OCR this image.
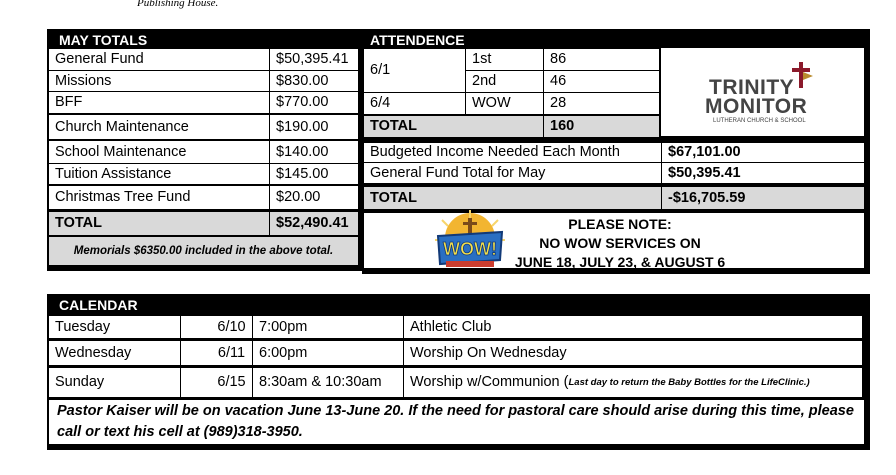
Publishing House.
MAY TOTALS
General Fund	$50,395.41
Missions	$830.00
BFF	$770.00
Church Maintenance	$190.00
School Maintenance	$140.00
Tuition Assistance	$145.00
Christmas Tree Fund	$20.00
TOTAL	$52,490.41
Memorials $6350.00 included in the above total.
ATTENDENCE
6/1
1st	86
2nd	46
6/4	WOW	28
TOTAL	160
TRINITY
MONITOR
LUTHERAN CHURCH & SCHOOL
Budgeted Income Needed Each Month	$67,101.00
General Fund Total for May	$50,395.41
TOTAL	-$16,705.59
WOW!
PLEASE NOTE:
NO WOW SERVICES ON
JUNE 18, JULY 23, & AUGUST 6
CALENDAR
Tuesday	6/10 7:00pm	Athletic Club
Wednesday	6/11 6:00pm	Worship On Wednesday
Sunday	6/15 8:30am & 10:30am	Worship w/Communion ( Last day to return the Baby Bottles for the LifeClinic.)
Pastor Kaiser will be on vacation June 13-June 20. If the need for pastoral care should arise during this time, please call or text his cell at (989)318-3950.
